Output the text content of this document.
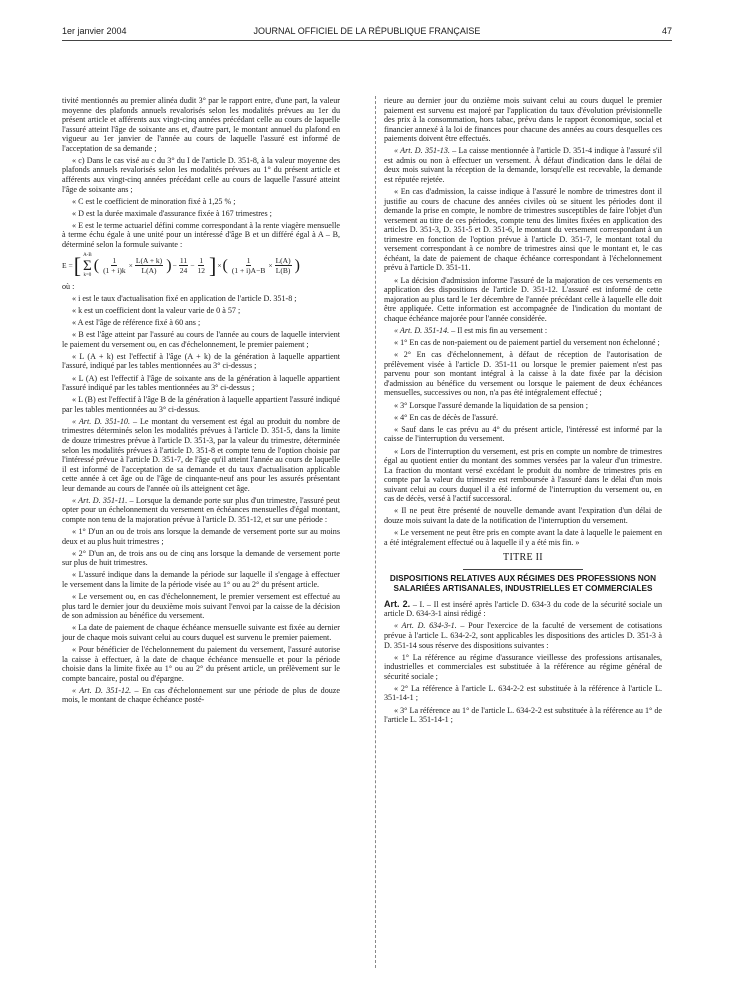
1er janvier 2004	JOURNAL OFFICIEL DE LA RÉPUBLIQUE FRANÇAISE	47

tivité mentionnés au premier alinéa dudit 3° par le rapport entre, d'une part, la valeur moyenne des plafonds annuels revalorisés selon les modalités prévues au 1er du présent article et afférents aux vingt-cinq années précédant celle au cours de laquelle l'assuré atteint l'âge de soixante ans et, d'autre part, le montant annuel du plafond en vigueur au 1er janvier de l'année au cours de laquelle l'assuré est informé de l'acceptation de sa demande ;

« c) Dans le cas visé au c du 3° du I de l'article D. 351-8, à la valeur moyenne des plafonds annuels revalorisés selon les modalités prévues au 1° du présent article et afférents aux vingt-cinq années précédant celle au cours de laquelle l'assuré atteint l'âge de soixante ans ;

« C est le coefficient de minoration fixé à 1,25 % ;

« D est la durée maximale d'assurance fixée à 167 trimestres ;

« E est le terme actuariel défini comme correspondant à la rente viagère mensuelle à terme échu égale à une unité pour un intéressé d'âge B et un différé égal à A – B, déterminé selon la formule suivante :

E = [ A-B
Σ
k=0
( $\frac{1}{(1 + i)k} \times \frac{L(A + k)}{L(A)}$ ) − $\frac{11}{24} - \frac{1}{12}$ ] × ( $\frac{1}{(1 + i)A-B} \times \frac{L(A)}{L(B)}$ )

où :

« i est le taux d'actualisation fixé en application de l'article D. 351-8 ;

« k est un coefficient dont la valeur varie de 0 à 57 ;

« A est l'âge de référence fixé à 60 ans ;

« B est l'âge atteint par l'assuré au cours de l'année au cours de laquelle intervient le paiement du versement ou, en cas d'échelonnement, le premier paiement ;

« L (A + k) est l'effectif à l'âge (A + k) de la génération à laquelle appartient l'assuré, indiqué par les tables mentionnées au 3° ci-dessus ;

« L (A) est l'effectif à l'âge de soixante ans de la génération à laquelle appartient l'assuré indiqué par les tables mentionnées au 3° ci-dessus ;

« L (B) est l'effectif à l'âge B de la génération à laquelle appartient l'assuré indiqué par les tables mentionnées au 3° ci-dessus.

« Art. D. 351-10. – Le montant du versement est égal au produit du nombre de trimestres déterminés selon les modalités prévues à l'article D. 351-5, dans la limite de douze trimestres prévue à l'article D. 351-3, par la valeur du trimestre, déterminée selon les modalités prévues à l'article D. 351-8 et compte tenu de l'option choisie par l'intéressé prévue à l'article D. 351-7, de l'âge qu'il atteint l'année au cours de laquelle il est informé de l'acceptation de sa demande et du taux d'actualisation applicable cette année à cet âge ou de l'âge de cinquante-neuf ans pour les assurés présentant leur demande au cours de l'année où ils atteignent cet âge.

« Art. D. 351-11. – Lorsque la demande porte sur plus d'un trimestre, l'assuré peut opter pour un échelonnement du versement en échéances mensuelles d'égal montant, compte non tenu de la majoration prévue à l'article D. 351-12, et sur une période :

« 1° D'un an ou de trois ans lorsque la demande de versement porte sur au moins deux et au plus huit trimestres ;

« 2° D'un an, de trois ans ou de cinq ans lorsque la demande de versement porte sur plus de huit trimestres.

« L'assuré indique dans la demande la période sur laquelle il s'engage à effectuer le versement dans la limite de la période visée au 1° ou au 2° du présent article.

« Le versement ou, en cas d'échelonnement, le premier versement est effectué au plus tard le dernier jour du deuxième mois suivant l'envoi par la caisse de la décision de son admission au bénéfice du versement.

« La date de paiement de chaque échéance mensuelle suivante est fixée au dernier jour de chaque mois suivant celui au cours duquel est survenu le premier paiement.

« Pour bénéficier de l'échelonnement du paiement du versement, l'assuré autorise la caisse à effectuer, à la date de chaque échéance mensuelle et pour la période choisie dans la limite fixée au 1° ou au 2° du présent article, un prélèvement sur le compte bancaire, postal ou d'épargne.

« Art. D. 351-12. – En cas d'échelonnement sur une période de plus de douze mois, le montant de chaque échéance posté-

rieure au dernier jour du onzième mois suivant celui au cours duquel le premier paiement est survenu est majoré par l'application du taux d'évolution prévisionnelle des prix à la consommation, hors tabac, prévu dans le rapport économique, social et financier annexé à la loi de finances pour chacune des années au cours desquelles ces paiements doivent être effectués.

« Art. D. 351-13. – La caisse mentionnée à l'article D. 351-4 indique à l'assuré s'il est admis ou non à effectuer un versement. À défaut d'indication dans le délai de deux mois suivant la réception de la demande, lorsqu'elle est recevable, la demande est réputée rejetée.

« En cas d'admission, la caisse indique à l'assuré le nombre de trimestres dont il justifie au cours de chacune des années civiles où se situent les périodes dont il demande la prise en compte, le nombre de trimestres susceptibles de faire l'objet d'un versement au titre de ces périodes, compte tenu des limites fixées en application des articles D. 351-3, D. 351-5 et D. 351-6, le montant du versement correspondant à un trimestre en fonction de l'option prévue à l'article D. 351-7, le montant total du versement correspondant à ce nombre de trimestres ainsi que le montant et, le cas échéant, la date de paiement de chaque échéance correspondant à l'échelonnement prévu à l'article D. 351-11.

« La décision d'admission informe l'assuré de la majoration de ces versements en application des dispositions de l'article D. 351-12. L'assuré est informé de cette majoration au plus tard le 1er décembre de l'année précédant celle à laquelle elle doit être appliquée. Cette information est accompagnée de l'indication du montant de chaque échéance majorée pour l'année considérée.

« Art. D. 351-14. – Il est mis fin au versement :

« 1° En cas de non-paiement ou de paiement partiel du versement non échelonné ;

« 2° En cas d'échelonnement, à défaut de réception de l'autorisation de prélèvement visée à l'article D. 351-11 ou lorsque le premier paiement n'est pas parvenu pour son montant intégral à la caisse à la date fixée par la décision d'admission au bénéfice du versement ou lorsque le paiement de deux échéances mensuelles, successives ou non, n'a pas été intégralement effectué ;

« 3° Lorsque l'assuré demande la liquidation de sa pension ;

« 4° En cas de décès de l'assuré.

« Sauf dans le cas prévu au 4° du présent article, l'intéressé est informé par la caisse de l'interruption du versement.

« Lors de l'interruption du versement, est pris en compte un nombre de trimestres égal au quotient entier du montant des sommes versées par la valeur d'un trimestre. La fraction du montant versé excédant le produit du nombre de trimestres pris en compte par la valeur du trimestre est remboursée à l'assuré dans le délai d'un mois suivant celui au cours duquel il a été informé de l'interruption du versement ou, en cas de décès, versé à l'actif successoral.

« Il ne peut être présenté de nouvelle demande avant l'expiration d'un délai de douze mois suivant la date de la notification de l'interruption du versement.

« Le versement ne peut être pris en compte avant la date à laquelle le paiement en a été intégralement effectué ou à laquelle il y a été mis fin. »

TITRE II
DISPOSITIONS RELATIVES AUX RÉGIMES DES PROFESSIONS NON SALARIÉES ARTISANALES, INDUSTRIELLES ET COMMERCIALES

Art. 2. – I. – Il est inséré après l'article D. 634-3 du code de la sécurité sociale un article D. 634-3-1 ainsi rédigé :

« Art. D. 634-3-1. – Pour l'exercice de la faculté de versement de cotisations prévue à l'article L. 634-2-2, sont applicables les dispositions des articles D. 351-3 à D. 351-14 sous réserve des dispositions suivantes :

« 1° La référence au régime d'assurance vieillesse des professions artisanales, industrielles et commerciales est substituée à la référence au régime général de sécurité sociale ;

« 2° La référence à l'article L. 634-2-2 est substituée à la référence à l'article L. 351-14-1 ;

« 3° La référence au 1° de l'article L. 634-2-2 est substituée à la référence au 1° de l'article L. 351-14-1 ;
